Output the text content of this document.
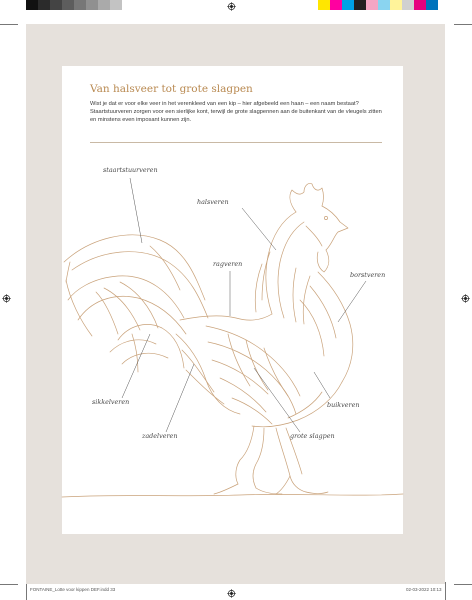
Van halsveer tot grote slagpen
Wist je dat er voor elke veer in het verenkleed van een kip – hier afgebeeld een haan – een naam bestaat? Staartstuurveren zorgen voor een sierlijke kont, terwijl de grote slagpennen aan de buitenkant van de vleugels zitten en minstens even imposant kunnen zijn.
staartstuurveren
halsveren
ragveren
borstveren
sikkelveren	buikveren
zadelveren	grote slagpen
FONTAINE_Lotte voor kippen DEF.indd 33	02-03-2022 10:13
